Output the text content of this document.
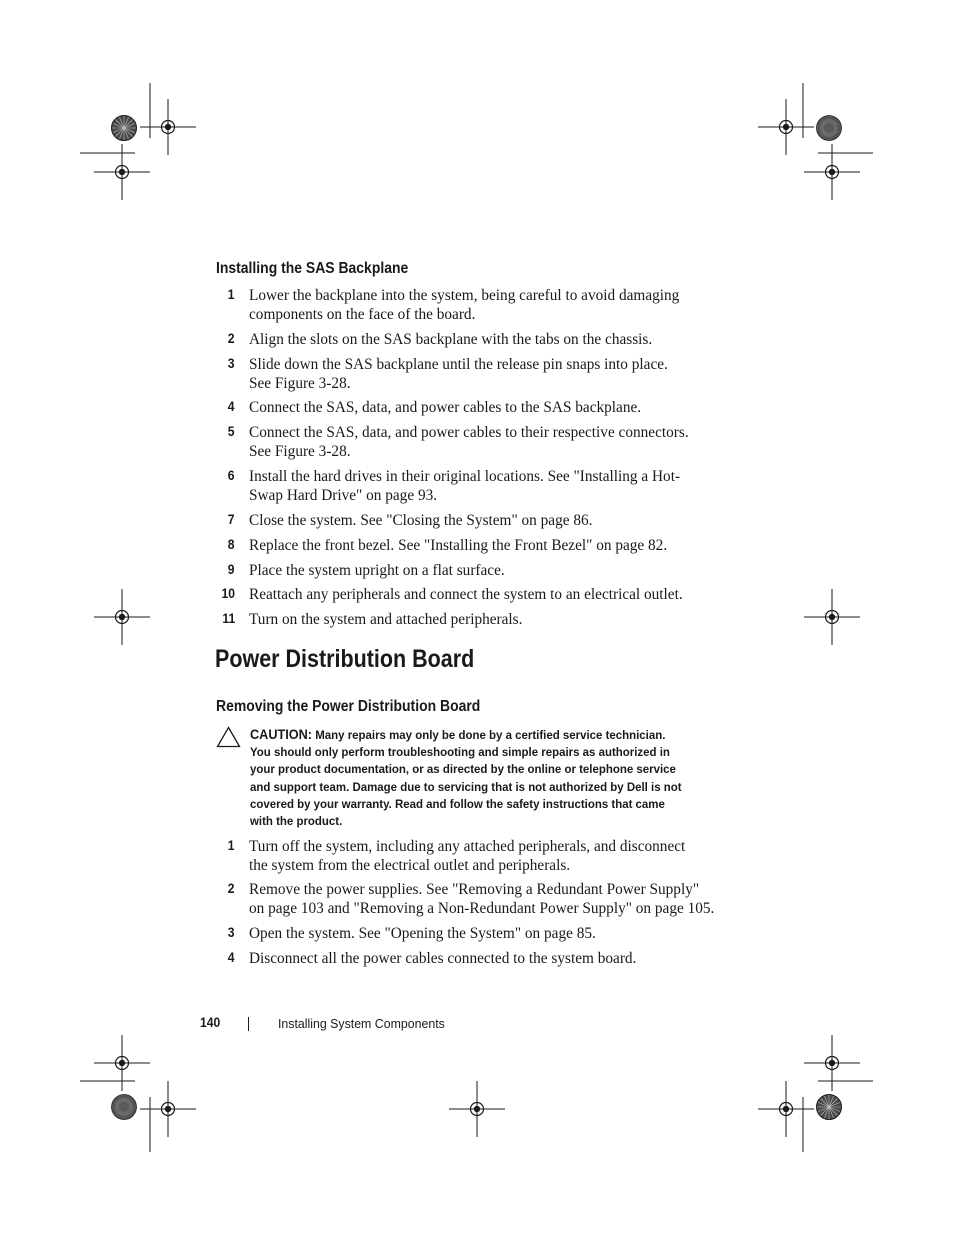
Installing the SAS Backplane
1 Lower the backplane into the system, being careful to avoid damaging
components on the face of the board.
2 Align the slots on the SAS backplane with the tabs on the chassis.
3 Slide down the SAS backplane until the release pin snaps into place.
See Figure 3-28.
4 Connect the SAS, data, and power cables to the SAS backplane.
5 Connect the SAS, data, and power cables to their respective connectors.
See Figure 3-28.
6 Install the hard drives in their original locations. See "Installing a Hot-
Swap Hard Drive" on page 93.
7 Close the system. See "Closing the System" on page 86.
8 Replace the front bezel. See "Installing the Front Bezel" on page 82.
9 Place the system upright on a flat surface.
10 Reattach any peripherals and connect the system to an electrical outlet.
11 Turn on the system and attached peripherals.
Power Distribution Board
Removing the Power Distribution Board
CAUTION: Many repairs may only be done by a certified service technician.
You should only perform troubleshooting and simple repairs as authorized in
your product documentation, or as directed by the online or telephone service
and support team. Damage due to servicing that is not authorized by Dell is not
covered by your warranty. Read and follow the safety instructions that came
with the product.
1 Turn off the system, including any attached peripherals, and disconnect
the system from the electrical outlet and peripherals.
2 Remove the power supplies. See "Removing a Redundant Power Supply"
on page 103 and "Removing a Non-Redundant Power Supply" on page 105.
3 Open the system. See "Opening the System" on page 85.
4 Disconnect all the power cables connected to the system board.
140	Installing System Components
